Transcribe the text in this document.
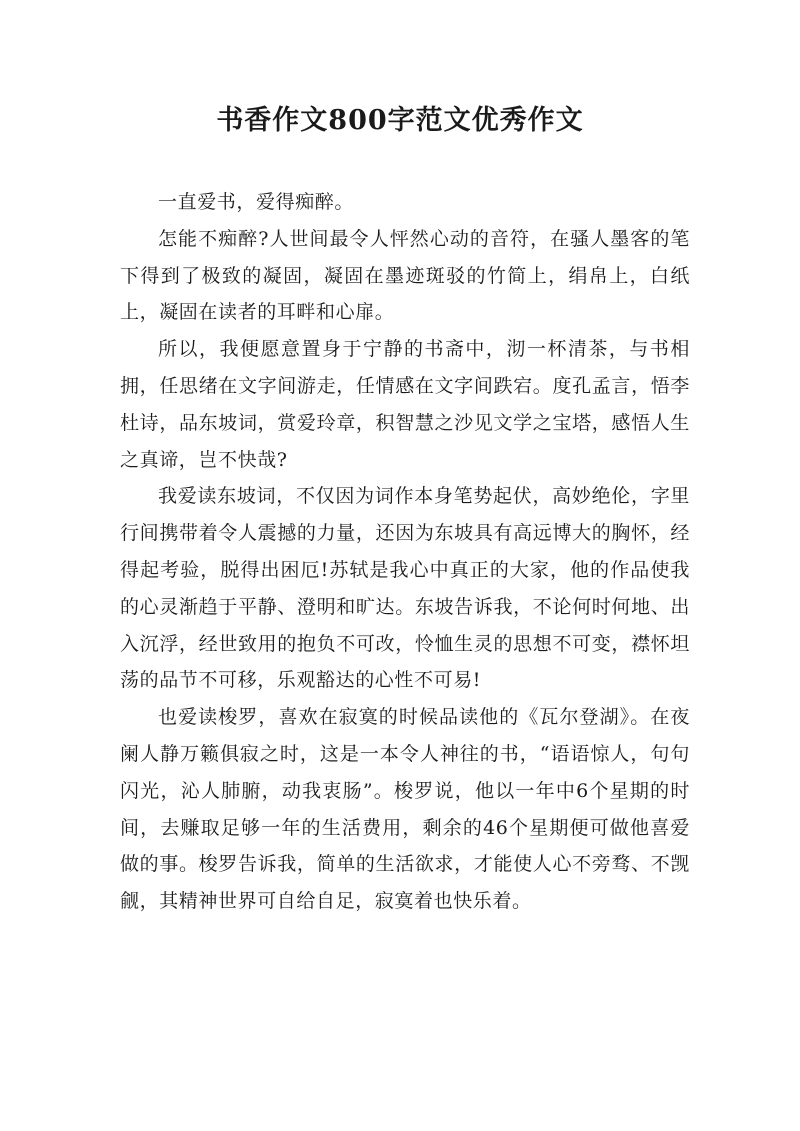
书香作文800字范文优秀作文

一直爱书，爱得痴醉。

怎能不痴醉?人世间最令人怦然心动的音符，在骚人墨客的笔下得到了极致的凝固，凝固在墨迹斑驳的竹简上，绢帛上，白纸上，凝固在读者的耳畔和心扉。

所以，我便愿意置身于宁静的书斋中，沏一杯清茶，与书相拥，任思绪在文字间游走，任情感在文字间跌宕。度孔孟言，悟李杜诗，品东坡词，赏爱玲章，积智慧之沙见文学之宝塔，感悟人生之真谛，岂不快哉?

我爱读东坡词，不仅因为词作本身笔势起伏，高妙绝伦，字里行间携带着令人震撼的力量，还因为东坡具有高远博大的胸怀，经得起考验，脱得出困厄!苏轼是我心中真正的大家，他的作品使我的心灵渐趋于平静、澄明和旷达。东坡告诉我，不论何时何地、出入沉浮，经世致用的抱负不可改，怜恤生灵的思想不可变，襟怀坦荡的品节不可移，乐观豁达的心性不可易!

也爱读梭罗，喜欢在寂寞的时候品读他的《瓦尔登湖》。在夜阑人静万籁俱寂之时，这是一本令人神往的书，“语语惊人，句句闪光，沁人肺腑，动我衷肠”。梭罗说，他以一年中6个星期的时间，去赚取足够一年的生活费用，剩余的46个星期便可做他喜爱做的事。梭罗告诉我，简单的生活欲求，才能使人心不旁骛、不觊觎，其精神世界可自给自足，寂寞着也快乐着。
